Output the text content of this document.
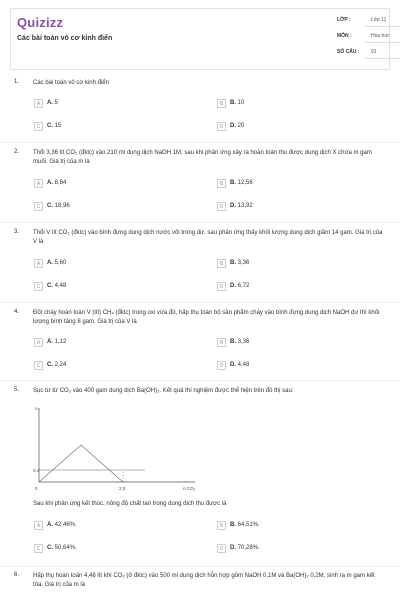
Quizizz
Các bài toán vô cơ kinh điển
LỚP :	Lớp 11
MÔN :	Hóa học
SỐ CÂU : 91
1. Các bài toán vô cơ kinh điển
A	A. 5	B	B. 10
C	C. 15	D	D. 20
2. Thổi 3,36 lít CO₂ (đktc) vào 210 ml dung dịch NaOH 1M, sau khi phản ứng xảy ra hoàn toàn thu được dung dịch X chứa m gam muối. Giá trị của m là
A	A. 8,64	B	B. 12,56
C	C. 18,96	D	D. 13,92
3. Thổi V lít CO₂ (đktc) vào bình đựng dung dịch nước vôi trong dư, sau phản ứng thấy khối lượng dung dịch giảm 14 gam. Giá trị của V là
A	A. 5,60	B	B. 3,36
C	C. 4,48	D	D. 6,72
4. Đốt cháy hoàn toàn V (lít) CH₄ (đktc) trong oxi vừa đủ, hấp thụ toàn bộ sản phẩm cháy vào bình đựng dung dịch NaOH dư thì khối lượng bình tăng 8 gam. Giá trị của V là
A	A. 1,12	B	B. 3,36
C	C. 2,24	D	D. 4,48
5. Sục từ từ CO₂ vào 400 gam dung dịch Ba(OH)₂. Kết quả thí nghiệm được thể hiện trên đồ thị sau:
Sau khi phản ứng kết thúc, nồng độ chất tan trong dung dịch thu được là
A	A. 42,46%.	B	B. 64,51%.
C	C. 50,64%.	D	D. 70,28%.
n↓
n CO₂
0,4
0	2,0
6. Hấp thụ hoàn toàn 4,48 lít khí CO₂ (ở đktc) vào 500 ml dung dịch hỗn hợp gồm NaOH 0,1M và Ba(OH)₂ 0,2M, sinh ra m gam kết tủa. Giá trị của m là
